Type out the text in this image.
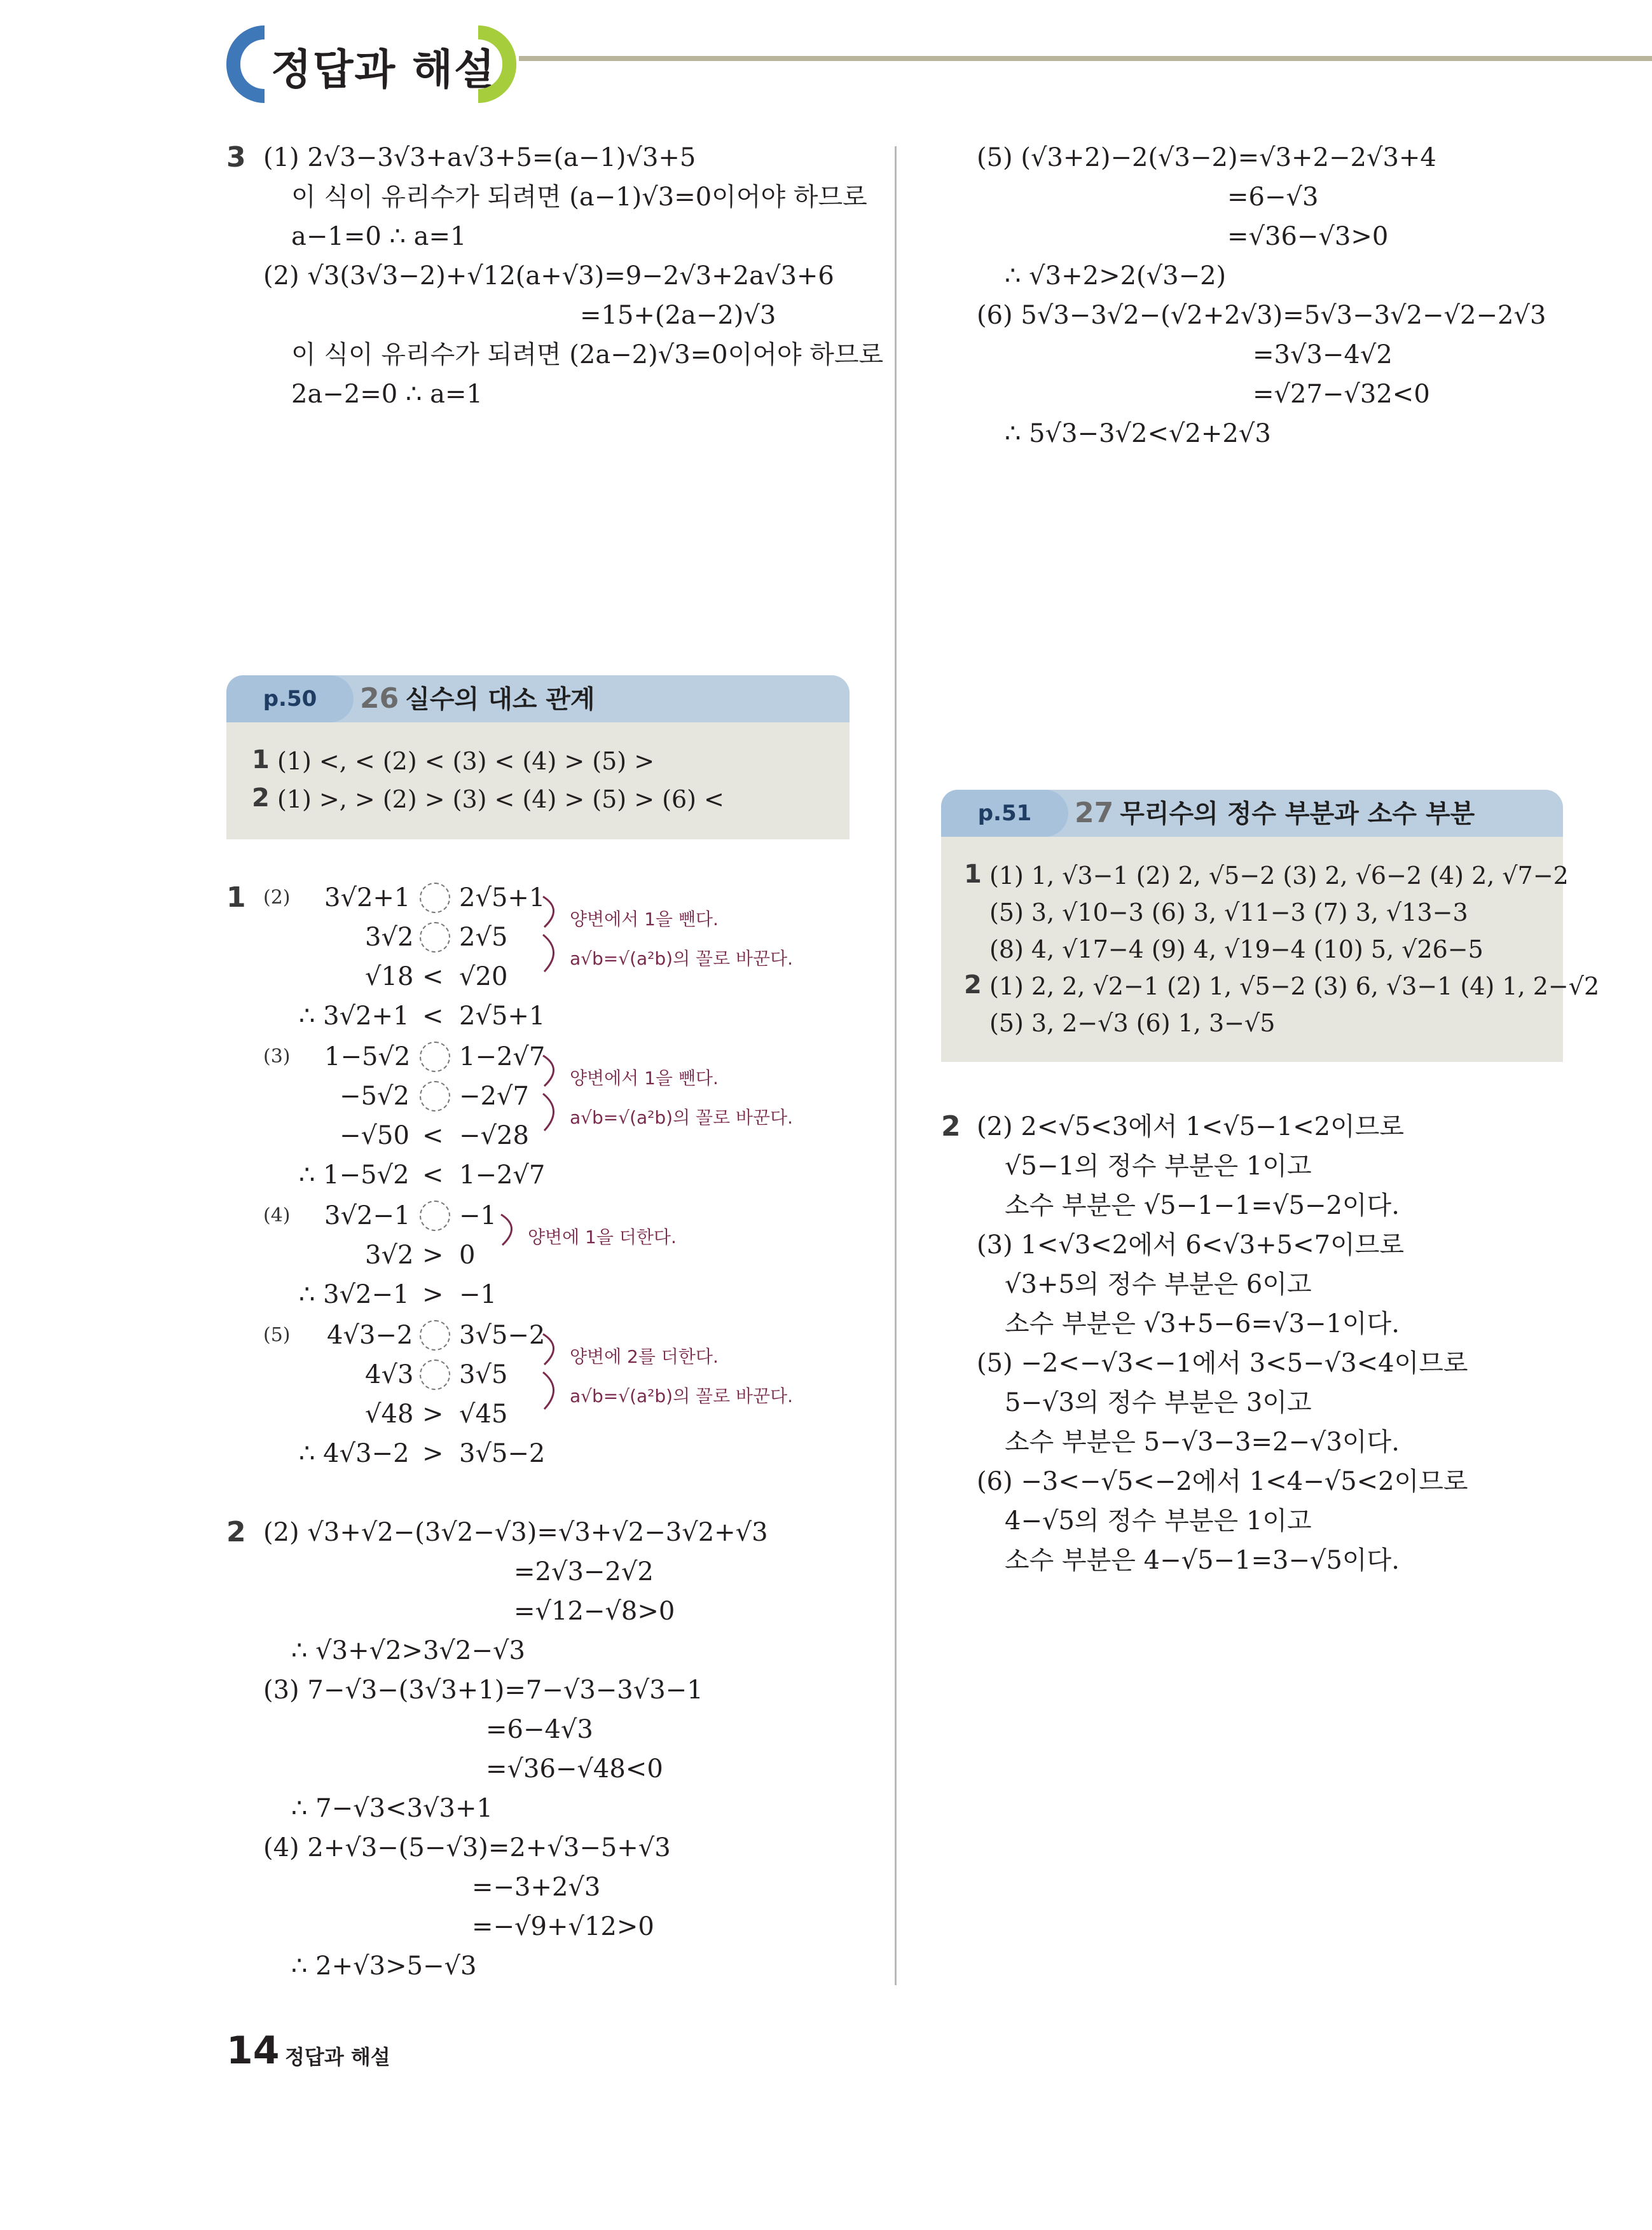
정답과 해설
3 (1) 2√3−3√3+a√3+5=(a−1)√3+5
이 식이 유리수가 되려면 (a−1)√3=0이어야 하므로
a−1=0 ∴ a=1
(2) √3(3√3−2)+√12(a+√3)=9−2√3+2a√3+6
=15+(2a−2)√3
이 식이 유리수가 되려면 (2a−2)√3=0이어야 하므로
2a−2=0 ∴ a=1
p.50	26 실수의 대소 관계
1 (1) <, < (2) < (3) < (4) > (5) >
2 (1) >, > (2) > (3) < (4) > (5) > (6) <
1 (2) 3√2+1 2√5+1
3√2 2√5
√18 < √20
∴ 3√2+1 < 2√5+1
양변에서 1을 뺀다.
a√b=√(a²b)의 꼴로 바꾼다.
(3) 1−5√2 1−2√7
−5√2 −2√7
−√50 < −√28
∴ 1−5√2 < 1−2√7
양변에서 1을 뺀다.
a√b=√(a²b)의 꼴로 바꾼다.
(4) 3√2−1 −1
3√2 > 0
∴ 3√2−1 > −1
양변에 1을 더한다.
(5) 4√3−2 3√5−2
4√3 3√5
√48 > √45
∴ 4√3−2 > 3√5−2
양변에 2를 더한다.
a√b=√(a²b)의 꼴로 바꾼다.
2 (2) √3+√2−(3√2−√3)=√3+√2−3√2+√3
=2√3−2√2
=√12−√8>0
∴ √3+√2>3√2−√3
(3) 7−√3−(3√3+1)=7−√3−3√3−1
=6−4√3
=√36−√48<0
∴ 7−√3<3√3+1
(4) 2+√3−(5−√3)=2+√3−5+√3
=−3+2√3
=−√9+√12>0
∴ 2+√3>5−√3
(5) (√3+2)−2(√3−2)=√3+2−2√3+4
=6−√3
=√36−√3>0
∴ √3+2>2(√3−2)
(6) 5√3−3√2−(√2+2√3)=5√3−3√2−√2−2√3
=3√3−4√2
=√27−√32<0
∴ 5√3−3√2<√2+2√3
p.51	27 무리수의 정수 부분과 소수 부분
1 (1) 1, √3−1 (2) 2, √5−2 (3) 2, √6−2 (4) 2, √7−2
(5) 3, √10−3 (6) 3, √11−3 (7) 3, √13−3
(8) 4, √17−4 (9) 4, √19−4 (10) 5, √26−5
2 (1) 2, 2, √2−1 (2) 1, √5−2 (3) 6, √3−1 (4) 1, 2−√2
(5) 3, 2−√3 (6) 1, 3−√5
2 (2) 2<√5<3에서 1<√5−1<2이므로
√5−1의 정수 부분은 1이고
소수 부분은 √5−1−1=√5−2이다.
(3) 1<√3<2에서 6<√3+5<7이므로
√3+5의 정수 부분은 6이고
소수 부분은 √3+5−6=√3−1이다.
(5) −2<−√3<−1에서 3<5−√3<4이므로
5−√3의 정수 부분은 3이고
소수 부분은 5−√3−3=2−√3이다.
(6) −3<−√5<−2에서 1<4−√5<2이므로
4−√5의 정수 부분은 1이고
소수 부분은 4−√5−1=3−√5이다.
14 정답과 해설
